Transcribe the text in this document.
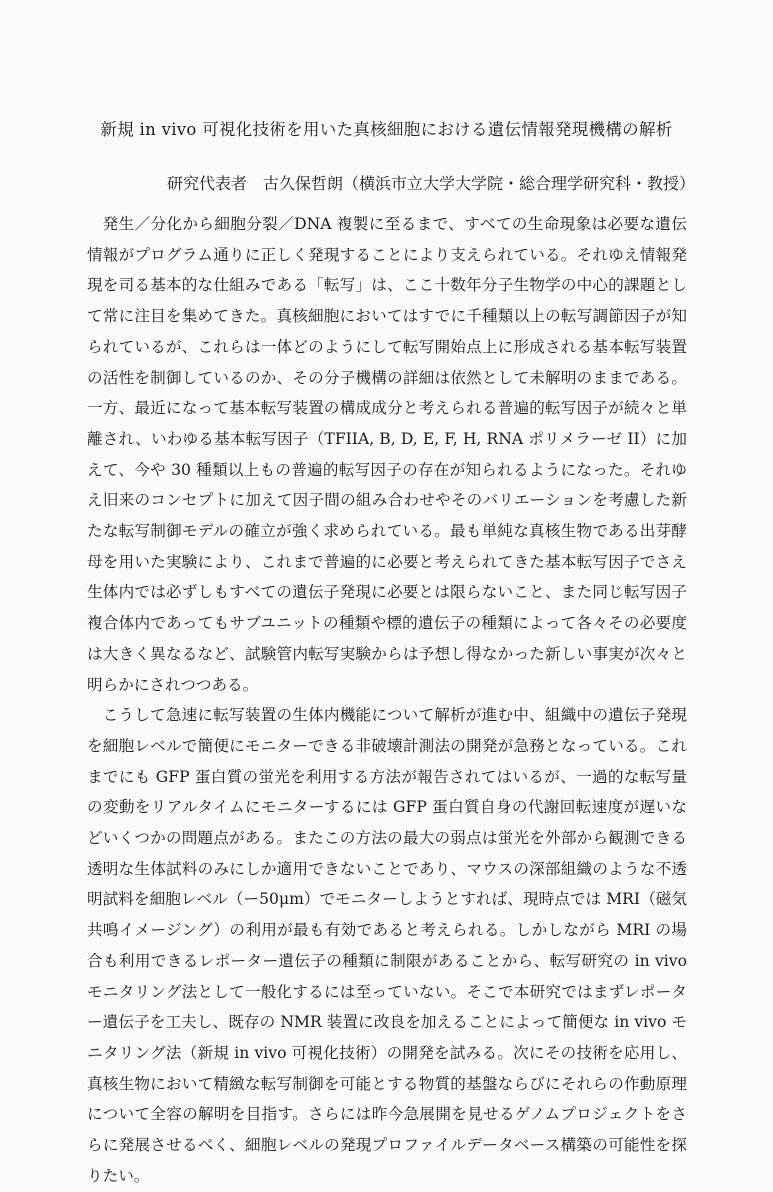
新規 in vivo 可視化技術を用いた真核細胞における遺伝情報発現機構の解析
研究代表者　古久保哲朗（横浜市立大学大学院・総合理学研究科・教授）

発生／分化から細胞分裂／DNA 複製に至るまで、すべての生命現象は必要な遺伝情報がプログラム通りに正しく発現することにより支えられている。それゆえ情報発現を司る基本的な仕組みである「転写」は、ここ十数年分子生物学の中心的課題として常に注目を集めてきた。真核細胞においてはすでに千種類以上の転写調節因子が知られているが、これらは一体どのようにして転写開始点上に形成される基本転写装置の活性を制御しているのか、その分子機構の詳細は依然として未解明のままである。一方、最近になって基本転写装置の構成成分と考えられる普遍的転写因子が続々と単離され、いわゆる基本転写因子（TFIIA, B, D, E, F, H, RNA ポリメラーゼ II）に加えて、今や 30 種類以上もの普遍的転写因子の存在が知られるようになった。それゆえ旧来のコンセプトに加えて因子間の組み合わせやそのバリエーションを考慮した新たな転写制御モデルの確立が強く求められている。最も単純な真核生物である出芽酵母を用いた実験により、これまで普遍的に必要と考えられてきた基本転写因子でさえ生体内では必ずしもすべての遺伝子発現に必要とは限らないこと、また同じ転写因子複合体内であってもサブユニットの種類や標的遺伝子の種類によって各々その必要度は大きく異なるなど、試験管内転写実験からは予想し得なかった新しい事実が次々と明らかにされつつある。

こうして急速に転写装置の生体内機能について解析が進む中、組織中の遺伝子発現を細胞レベルで簡便にモニターできる非破壊計測法の開発が急務となっている。これまでにも GFP 蛋白質の蛍光を利用する方法が報告されてはいるが、一過的な転写量の変動をリアルタイムにモニターするには GFP 蛋白質自身の代謝回転速度が遅いなどいくつかの問題点がある。またこの方法の最大の弱点は蛍光を外部から観測できる透明な生体試料のみにしか適用できないことであり、マウスの深部組織のような不透明試料を細胞レベル（ー50μm）でモニターしようとすれば、現時点では MRI（磁気共鳴イメージング）の利用が最も有効であると考えられる。しかしながら MRI の場合も利用できるレポーター遺伝子の種類に制限があることから、転写研究の in vivo モニタリング法として一般化するには至っていない。そこで本研究ではまずレポーター遺伝子を工夫し、既存の NMR 装置に改良を加えることによって簡便な in vivo モニタリング法（新規 in vivo 可視化技術）の開発を試みる。次にその技術を応用し、真核生物において精緻な転写制御を可能とする物質的基盤ならびにそれらの作動原理について全容の解明を目指す。さらには昨今急展開を見せるゲノムプロジェクトをさらに発展させるべく、細胞レベルの発現プロファイルデータベース構築の可能性を探りたい。
